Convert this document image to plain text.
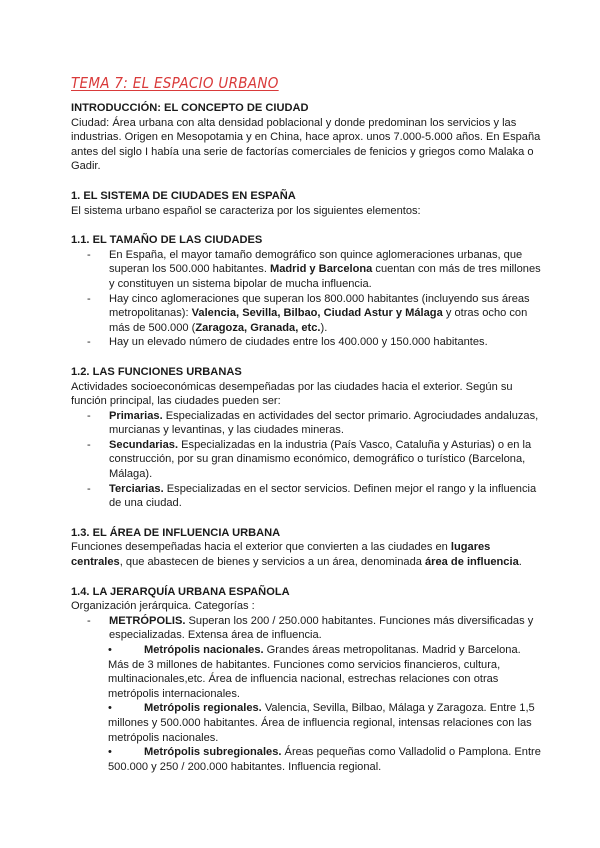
TEMA 7: EL ESPACIO URBANO
INTRODUCCIÓN: EL CONCEPTO DE CIUDAD

Ciudad: Área urbana con alta densidad poblacional y donde predominan los servicios y las industrias. Origen en Mesopotamia y en China, hace aprox. unos 7.000-5.000 años. En España antes del siglo I había una serie de factorías comerciales de fenicios y griegos como Malaka o Gadir.

1. EL SISTEMA DE CIUDADES EN ESPAÑA

El sistema urbano español se caracteriza por los siguientes elementos:

1.1. EL TAMAÑO DE LAS CIUDADES
- En España, el mayor tamaño demográfico son quince aglomeraciones urbanas, que superan los 500.000 habitantes. Madrid y Barcelona cuentan con más de tres millones y constituyen un sistema bipolar de mucha influencia.
- Hay cinco aglomeraciones que superan los 800.000 habitantes (incluyendo sus áreas metropolitanas): Valencia, Sevilla, Bilbao, Ciudad Astur y Málaga y otras ocho con más de 500.000 (Zaragoza, Granada, etc.).
- Hay un elevado número de ciudades entre los 400.000 y 150.000 habitantes.
1.2. LAS FUNCIONES URBANAS

Actividades socioeconómicas desempeñadas por las ciudades hacia el exterior. Según su función principal, las ciudades pueden ser:

- Primarias. Especializadas en actividades del sector primario. Agrociudades andaluzas, murcianas y levantinas, y las ciudades mineras.
- Secundarias. Especializadas en la industria (País Vasco, Cataluña y Asturias) o en la construcción, por su gran dinamismo económico, demográfico o turístico (Barcelona, Málaga).
- Terciarias. Especializadas en el sector servicios. Definen mejor el rango y la influencia de una ciudad.
1.3. EL ÁREA DE INFLUENCIA URBANA

Funciones desempeñadas hacia el exterior que convierten a las ciudades en lugares centrales, que abastecen de bienes y servicios a un área, denominada área de influencia.

1.4. LA JERARQUÍA URBANA ESPAÑOLA

Organización jerárquica. Categorías :

- METRÓPOLIS. Superan los 200 / 250.000 habitantes. Funciones más diversificadas y especializadas. Extensa área de influencia.
•	Metrópolis nacionales. Grandes áreas metropolitanas. Madrid y Barcelona. Más de 3 millones de habitantes. Funciones como servicios financieros, cultura, multinacionales,etc. Área de influencia nacional, estrechas relaciones con otras metrópolis internacionales.
•	Metrópolis regionales. Valencia, Sevilla, Bilbao, Málaga y Zaragoza. Entre 1,5 millones y 500.000 habitantes. Área de influencia regional, intensas relaciones con las metrópolis nacionales.
•	Metrópolis subregionales. Áreas pequeñas como Valladolid o Pamplona. Entre 500.000 y 250 / 200.000 habitantes. Influencia regional.
